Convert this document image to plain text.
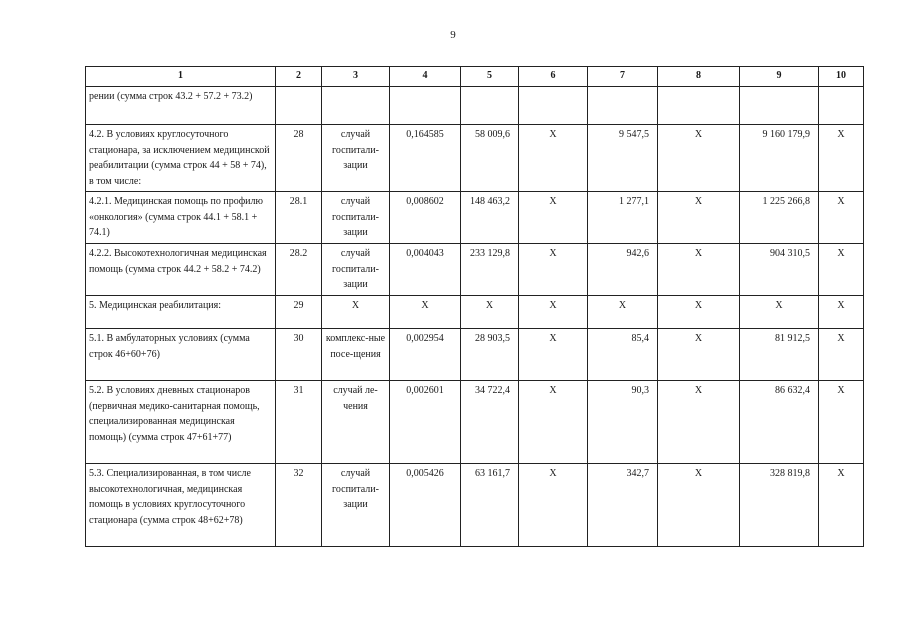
9
1	2	3	4	5	6	7	8	9	10
рении (сумма строк 43.2 + 57.2 + 73.2)									
4.2. В условиях круглосуточного стационара, за исключением медицинской реабилитации (сумма строк 44 + 58 + 74), в том числе:	28	случай госпитали-зации	0,164585	58 009,6	X	9 547,5	X	9 160 179,9	X
4.2.1. Медицинская помощь по профилю «онкология» (сумма строк 44.1 + 58.1 + 74.1)	28.1	случай госпитали-зации	0,008602	148 463,2	X	1 277,1	X	1 225 266,8	X
4.2.2. Высокотехнологичная медицинская помощь (сумма строк 44.2 + 58.2 + 74.2)	28.2	случай госпитали-зации	0,004043	233 129,8	X	942,6	X	904 310,5	X
5. Медицинская реабилитация:	29	X	X	X	X	X	X	X	X
5.1. В амбулаторных условиях (сумма строк 46+60+76)	30	комплекс-ные посе-щения	0,002954	28 903,5	X	85,4	X	81 912,5	X
5.2. В условиях дневных стационаров (первичная медико-санитарная помощь, специализированная медицинская помощь) (сумма строк 47+61+77)	31	случай ле-чения	0,002601	34 722,4	X	90,3	X	86 632,4	X
5.3. Специализированная, в том числе высокотехнологичная, медицинская помощь в условиях круглосуточного стационара (сумма строк 48+62+78)	32	случай госпитали-зации	0,005426	63 161,7	X	342,7	X	328 819,8	X
